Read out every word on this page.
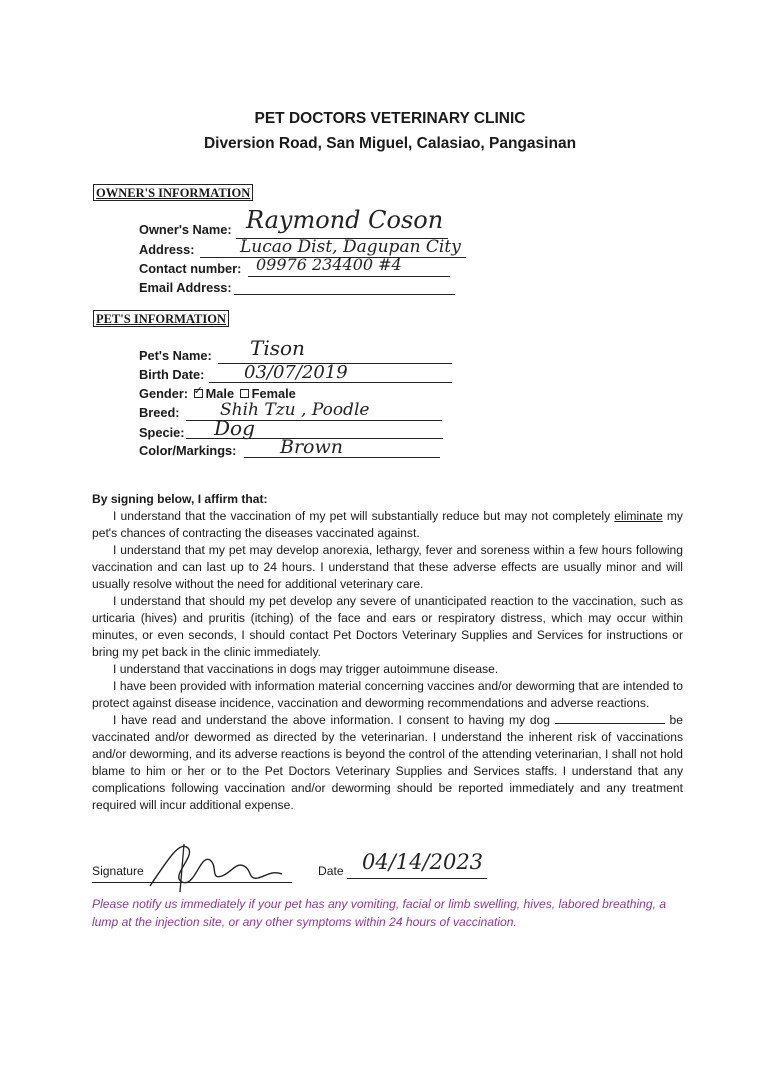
PET DOCTORS VETERINARY CLINIC
Diversion Road, San Miguel, Calasiao, Pangasinan
OWNER'S INFORMATION
Owner's Name: Raymond Coson
Address:	Lucao Dist, Dagupan City
Contact number: 09976 234400 #4
Email Address:
PET'S INFORMATION
Pet's Name: Tison
Birth Date: 03/07/2019
Gender: ✓ Male Female
Breed: Shih Tzu , Poodle
Specie: Dog
Color/Markings: Brown
By signing below, I affirm that:

I understand that the vaccination of my pet will substantially reduce but may not completely eliminate my pet's chances of contracting the diseases vaccinated against.

I understand that my pet may develop anorexia, lethargy, fever and soreness within a few hours following vaccination and can last up to 24 hours. I understand that these adverse effects are usually minor and will usually resolve without the need for additional veterinary care.

I understand that should my pet develop any severe of unanticipated reaction to the vaccination, such as urticaria (hives) and pruritis (itching) of the face and ears or respiratory distress, which may occur within minutes, or even seconds, I should contact Pet Doctors Veterinary Supplies and Services for instructions or bring my pet back in the clinic immediately.

I understand that vaccinations in dogs may trigger autoimmune disease.

I have been provided with information material concerning vaccines and/or deworming that are intended to protect against disease incidence, vaccination and deworming recommendations and adverse reactions.

I have read and understand the above information. I consent to having my dog	be vaccinated and/or dewormed as directed by the veterinarian. I understand the inherent risk of vaccinations and/or deworming, and its adverse reactions is beyond the control of the attending veterinarian, I shall not hold blame to him or her or to the Pet Doctors Veterinary Supplies and Services staffs. I understand that any complications following vaccination and/or deworming should be reported immediately and any treatment required will incur additional expense.

Signature	Date 04/14/2023
Please notify us immediately if your pet has any vomiting, facial or limb swelling, hives, labored breathing, a lump at the injection site, or any other symptoms within 24 hours of vaccination.
